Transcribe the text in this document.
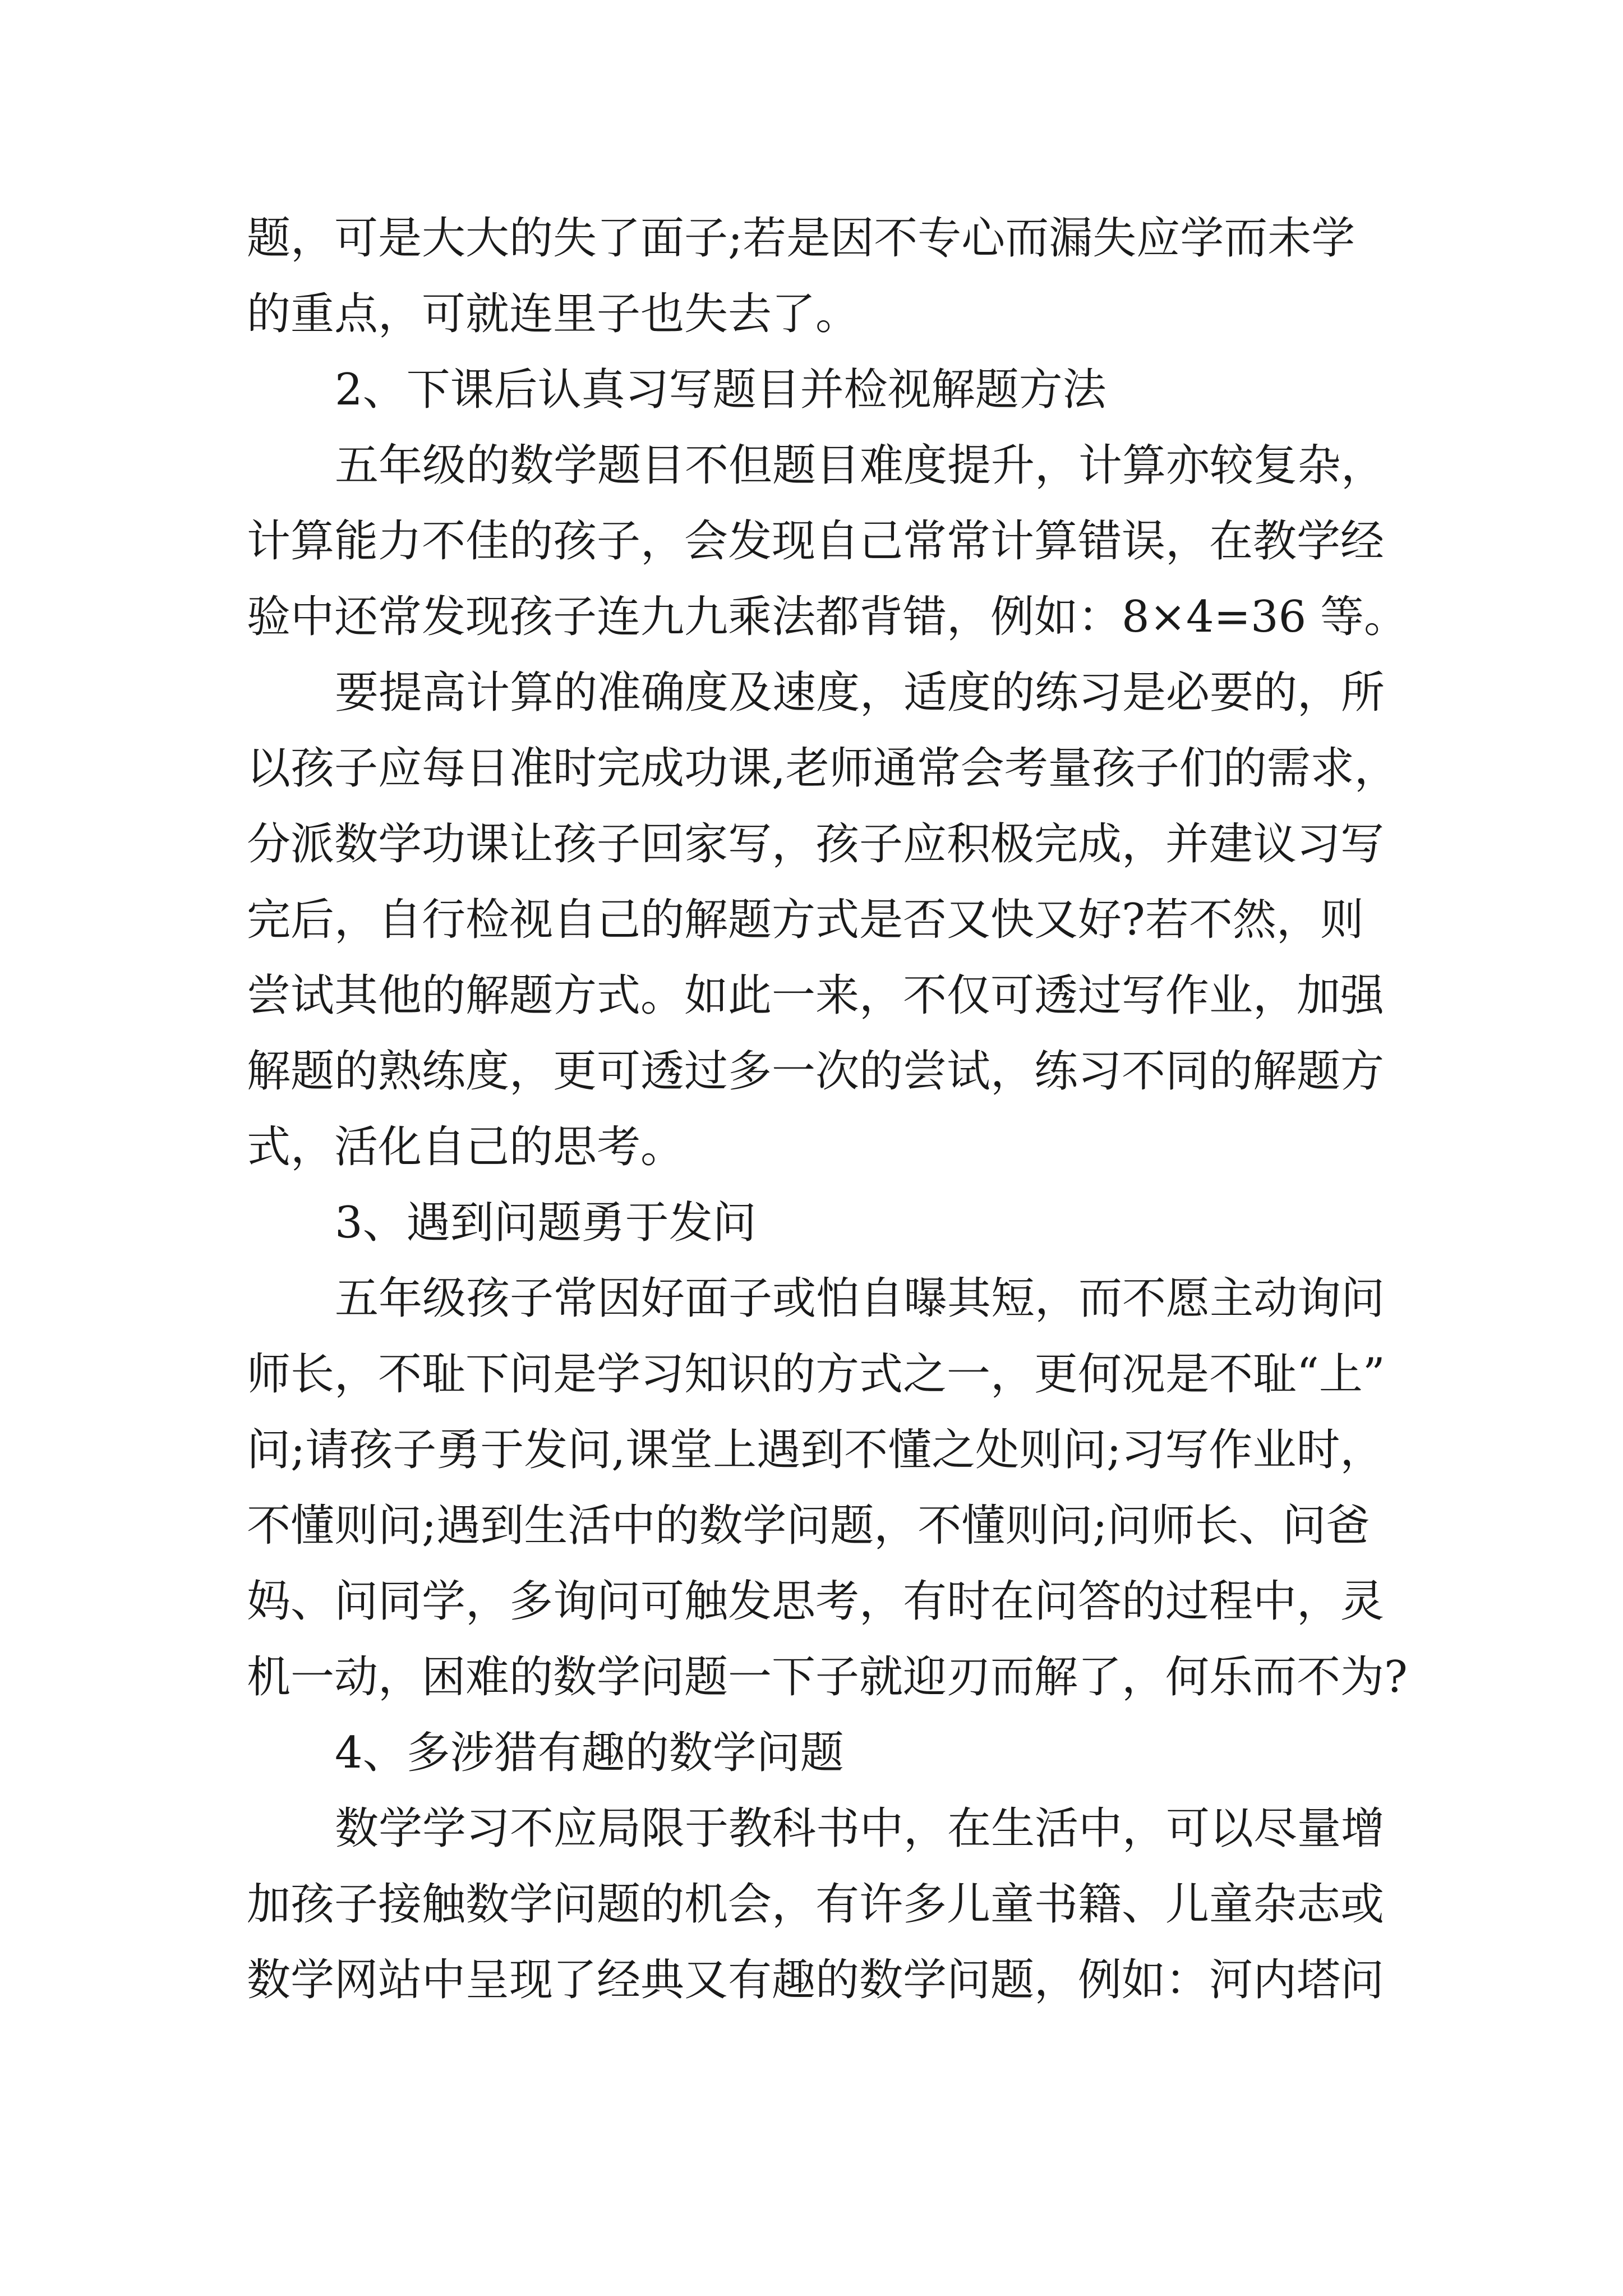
题，可是大大的失了面子;若是因不专心而漏失应学而未学

的重点，可就连里子也失去了。

2、下课后认真习写题目并检视解题方法

五年级的数学题目不但题目难度提升，计算亦较复杂，

计算能力不佳的孩子，会发现自己常常计算错误，在教学经

验中还常发现孩子连九九乘法都背错，例如：8×4=36 等。

要提高计算的准确度及速度，适度的练习是必要的，所

以孩子应每日准时完成功课,老师通常会考量孩子们的需求，

分派数学功课让孩子回家写，孩子应积极完成，并建议习写

完后，自行检视自己的解题方式是否又快又好?若不然，则

尝试其他的解题方式。如此一来，不仅可透过写作业，加强

解题的熟练度，更可透过多一次的尝试，练习不同的解题方

式，活化自己的思考。

3、遇到问题勇于发问

五年级孩子常因好面子或怕自曝其短，而不愿主动询问

师长，不耻下问是学习知识的方式之一，更何况是不耻“上”

问;请孩子勇于发问,课堂上遇到不懂之处则问;习写作业时，

不懂则问;遇到生活中的数学问题，不懂则问;问师长、问爸

妈、问同学，多询问可触发思考，有时在问答的过程中，灵

机一动，困难的数学问题一下子就迎刃而解了，何乐而不为?

4、多涉猎有趣的数学问题

数学学习不应局限于教科书中，在生活中，可以尽量增

加孩子接触数学问题的机会，有许多儿童书籍、儿童杂志或

数学网站中呈现了经典又有趣的数学问题，例如：河内塔问
